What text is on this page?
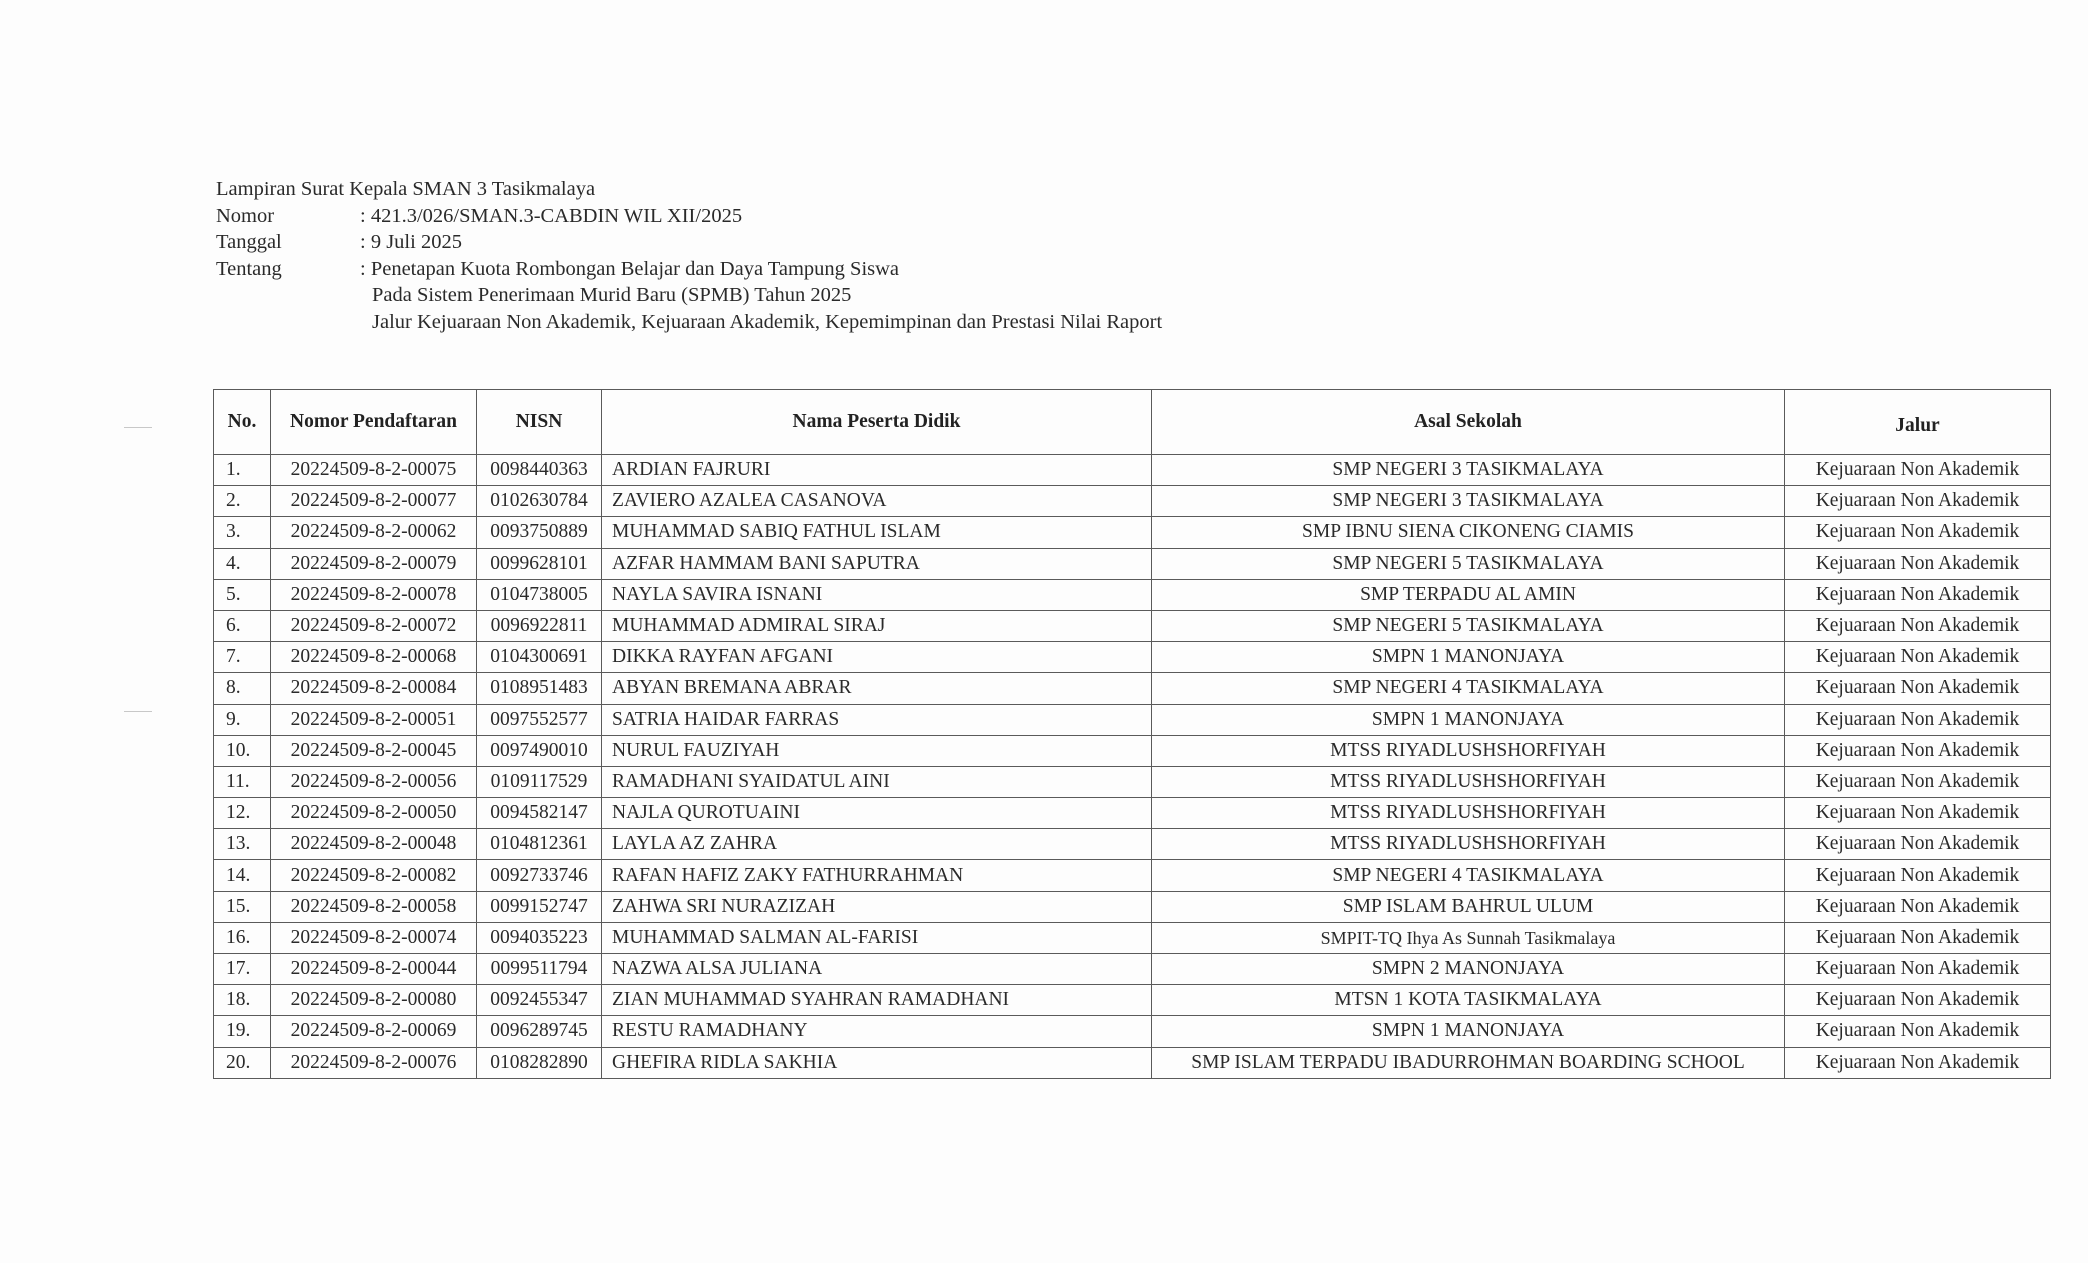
Lampiran Surat Kepala SMAN 3 Tasikmalaya
Nomor	: 421.3/026/SMAN.3-CABDIN WIL XII/2025
Tanggal	: 9 Juli 2025
Tentang	: Penetapan Kuota Rombongan Belajar dan Daya Tampung Siswa
Pada Sistem Penerimaan Murid Baru (SPMB) Tahun 2025
Jalur Kejuaraan Non Akademik, Kejuaraan Akademik, Kepemimpinan dan Prestasi Nilai Raport
No.	Nomor Pendaftaran	NISN	Nama Peserta Didik	Asal Sekolah	Jalur
1.	20224509-8-2-00075	0098440363	ARDIAN FAJRURI	SMP NEGERI 3 TASIKMALAYA	Kejuaraan Non Akademik
2.	20224509-8-2-00077	0102630784	ZAVIERO AZALEA CASANOVA	SMP NEGERI 3 TASIKMALAYA	Kejuaraan Non Akademik
3.	20224509-8-2-00062	0093750889	MUHAMMAD SABIQ FATHUL ISLAM	SMP IBNU SIENA CIKONENG CIAMIS	Kejuaraan Non Akademik
4.	20224509-8-2-00079	0099628101	AZFAR HAMMAM BANI SAPUTRA	SMP NEGERI 5 TASIKMALAYA	Kejuaraan Non Akademik
5.	20224509-8-2-00078	0104738005	NAYLA SAVIRA ISNANI	SMP TERPADU AL AMIN	Kejuaraan Non Akademik
6.	20224509-8-2-00072	0096922811	MUHAMMAD ADMIRAL SIRAJ	SMP NEGERI 5 TASIKMALAYA	Kejuaraan Non Akademik
7.	20224509-8-2-00068	0104300691	DIKKA RAYFAN AFGANI	SMPN 1 MANONJAYA	Kejuaraan Non Akademik
8.	20224509-8-2-00084	0108951483	ABYAN BREMANA ABRAR	SMP NEGERI 4 TASIKMALAYA	Kejuaraan Non Akademik
9.	20224509-8-2-00051	0097552577	SATRIA HAIDAR FARRAS	SMPN 1 MANONJAYA	Kejuaraan Non Akademik
10.	20224509-8-2-00045	0097490010	NURUL FAUZIYAH	MTSS RIYADLUSHSHORFIYAH	Kejuaraan Non Akademik
11.	20224509-8-2-00056	0109117529	RAMADHANI SYAIDATUL AINI	MTSS RIYADLUSHSHORFIYAH	Kejuaraan Non Akademik
12.	20224509-8-2-00050	0094582147	NAJLA QUROTUAINI	MTSS RIYADLUSHSHORFIYAH	Kejuaraan Non Akademik
13.	20224509-8-2-00048	0104812361	LAYLA AZ ZAHRA	MTSS RIYADLUSHSHORFIYAH	Kejuaraan Non Akademik
14.	20224509-8-2-00082	0092733746	RAFAN HAFIZ ZAKY FATHURRAHMAN	SMP NEGERI 4 TASIKMALAYA	Kejuaraan Non Akademik
15.	20224509-8-2-00058	0099152747	ZAHWA SRI NURAZIZAH	SMP ISLAM BAHRUL ULUM	Kejuaraan Non Akademik
16.	20224509-8-2-00074	0094035223	MUHAMMAD SALMAN AL-FARISI	SMPIT-TQ Ihya As Sunnah Tasikmalaya	Kejuaraan Non Akademik
17.	20224509-8-2-00044	0099511794	NAZWA ALSA JULIANA	SMPN 2 MANONJAYA	Kejuaraan Non Akademik
18.	20224509-8-2-00080	0092455347	ZIAN MUHAMMAD SYAHRAN RAMADHANI	MTSN 1 KOTA TASIKMALAYA	Kejuaraan Non Akademik
19.	20224509-8-2-00069	0096289745	RESTU RAMADHANY	SMPN 1 MANONJAYA	Kejuaraan Non Akademik
20.	20224509-8-2-00076	0108282890	GHEFIRA RIDLA SAKHIA	SMP ISLAM TERPADU IBADURROHMAN BOARDING SCHOOL	Kejuaraan Non Akademik
